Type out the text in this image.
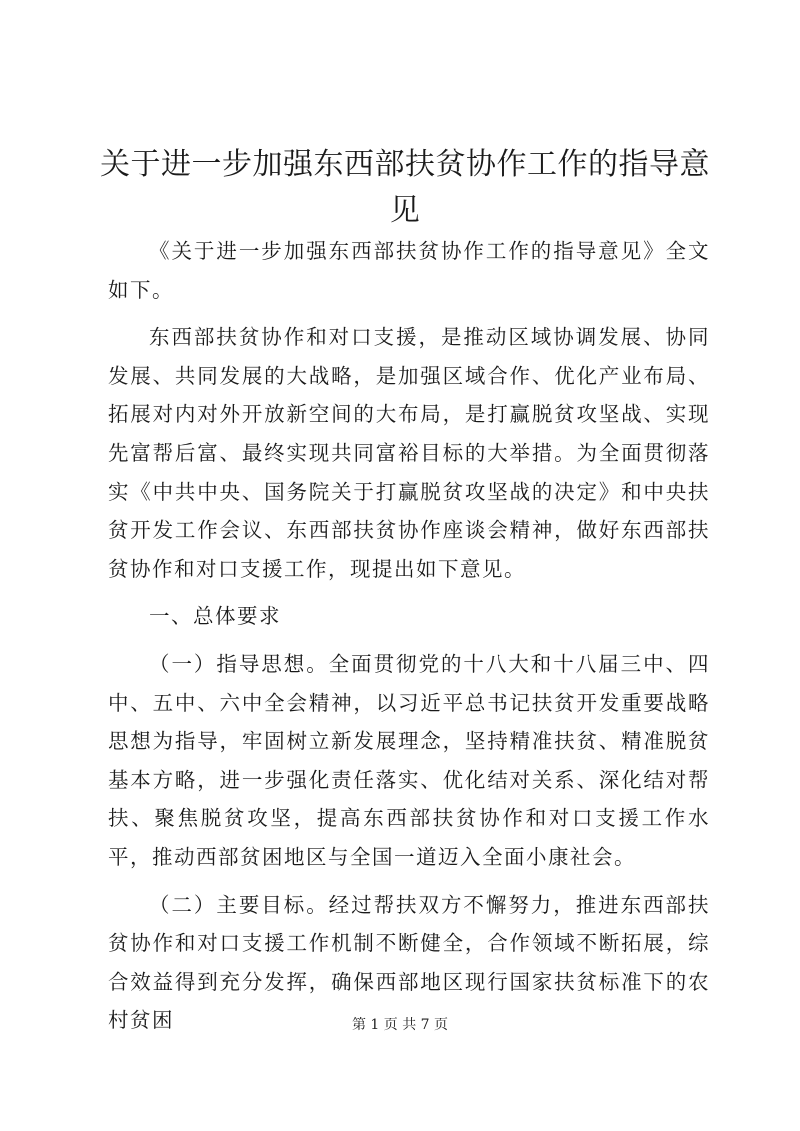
关于进一步加强东西部扶贫协作工作的指导意见

《关于进一步加强东西部扶贫协作工作的指导意见》全文如下。

东西部扶贫协作和对口支援，是推动区域协调发展、协同发展、共同发展的大战略，是加强区域合作、优化产业布局、拓展对内对外开放新空间的大布局，是打赢脱贫攻坚战、实现先富帮后富、最终实现共同富裕目标的大举措。为全面贯彻落实《中共中央、国务院关于打赢脱贫攻坚战的决定》和中央扶贫开发工作会议、东西部扶贫协作座谈会精神，做好东西部扶贫协作和对口支援工作，现提出如下意见。

一、总体要求

（一）指导思想。全面贯彻党的十八大和十八届三中、四中、五中、六中全会精神，以习近平总书记扶贫开发重要战略思想为指导，牢固树立新发展理念，坚持精准扶贫、精准脱贫基本方略，进一步强化责任落实、优化结对关系、深化结对帮扶、聚焦脱贫攻坚，提高东西部扶贫协作和对口支援工作水平，推动西部贫困地区与全国一道迈入全面小康社会。

（二）主要目标。经过帮扶双方不懈努力，推进东西部扶贫协作和对口支援工作机制不断健全，合作领域不断拓展，综合效益得到充分发挥，确保西部地区现行国家扶贫标准下的农村贫困	第 1 页 共 7 页
